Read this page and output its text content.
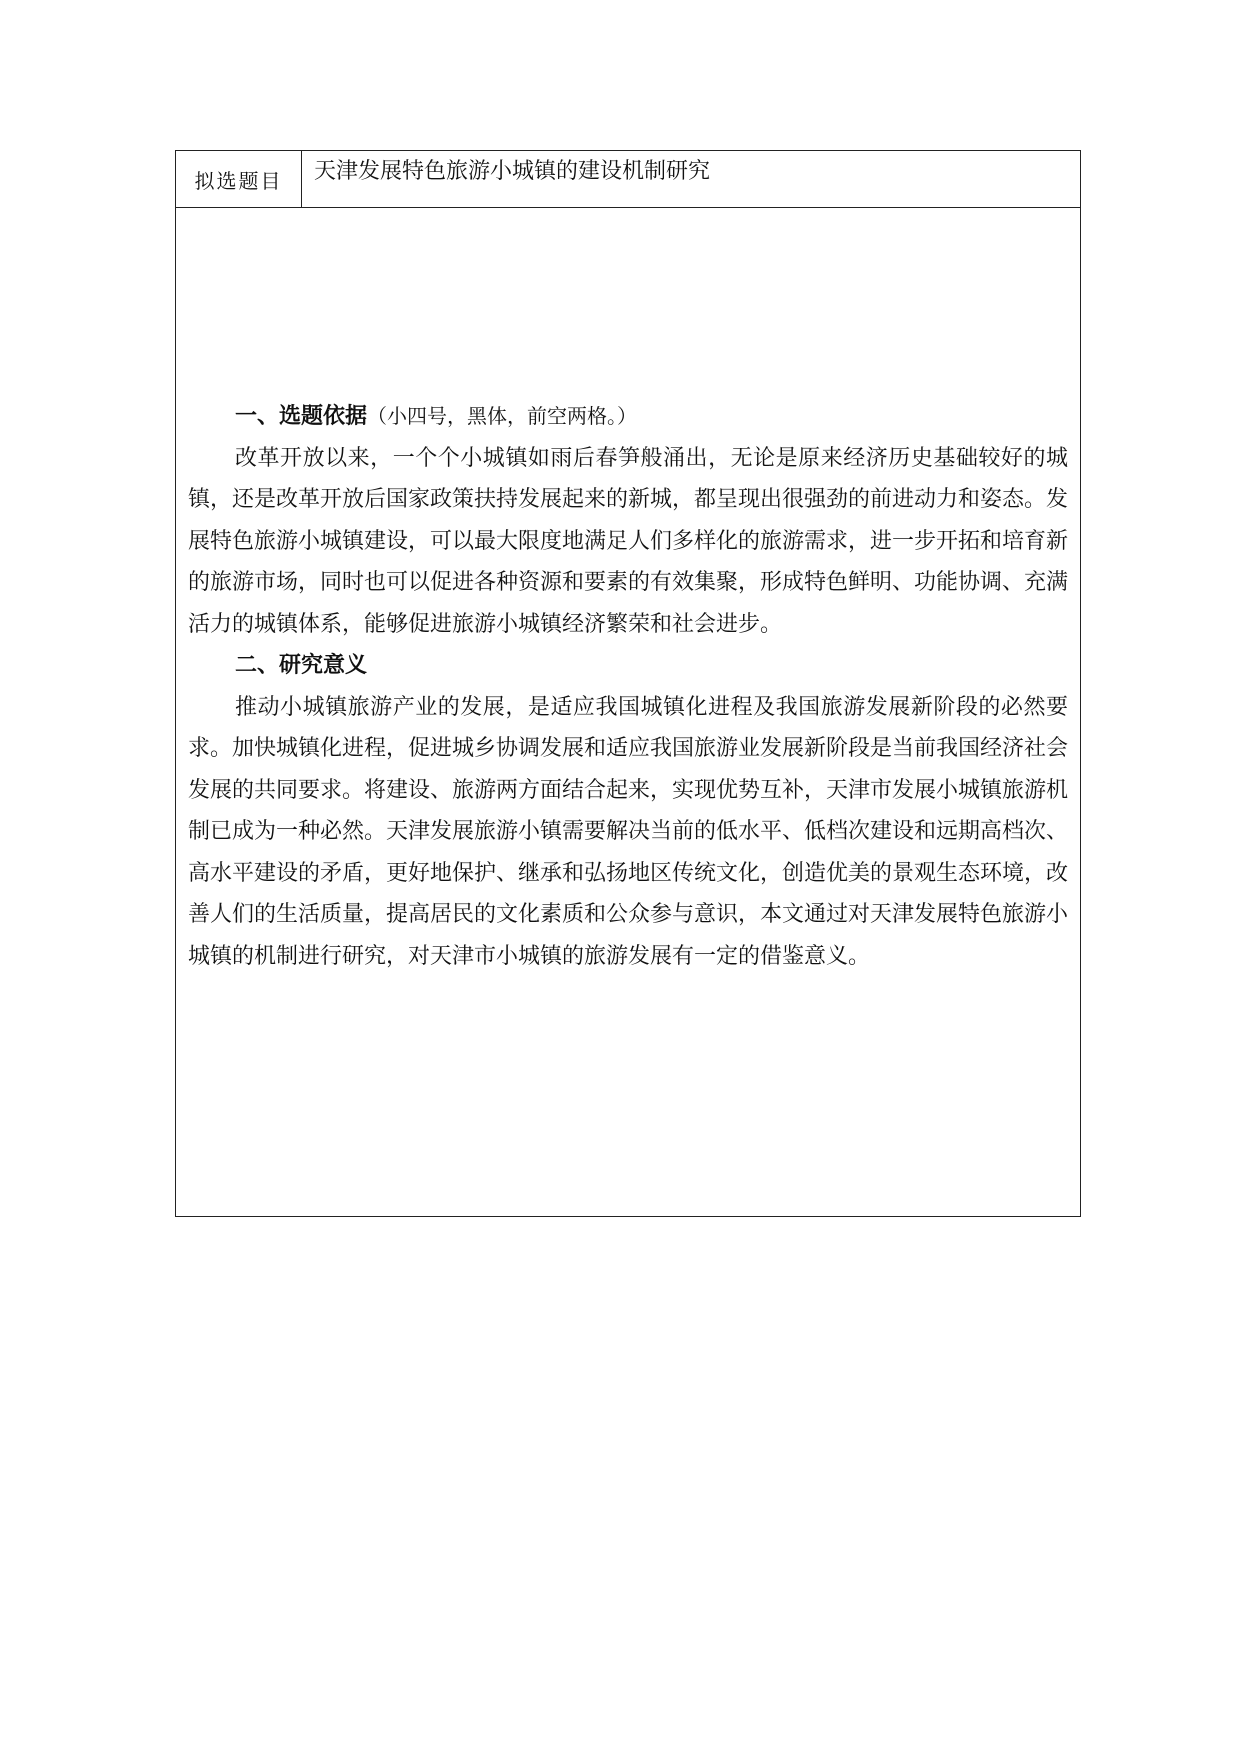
拟选题目	天津发展特色旅游小城镇的建设机制研究

一、选题依据（小四号，黑体，前空两格。）

改革开放以来，一个个小城镇如雨后春笋般涌出，无论是原来经济历史基础较好的城镇，还是改革开放后国家政策扶持发展起来的新城，都呈现出很强劲的前进动力和姿态。发展特色旅游小城镇建设，可以最大限度地满足人们多样化的旅游需求，进一步开拓和培育新的旅游市场，同时也可以促进各种资源和要素的有效集聚，形成特色鲜明、功能协调、充满活力的城镇体系，能够促进旅游小城镇经济繁荣和社会进步。

二、研究意义

推动小城镇旅游产业的发展，是适应我国城镇化进程及我国旅游发展新阶段的必然要求。加快城镇化进程，促进城乡协调发展和适应我国旅游业发展新阶段是当前我国经济社会发展的共同要求。将建设、旅游两方面结合起来，实现优势互补，天津市发展小城镇旅游机制已成为一种必然。天津发展旅游小镇需要解决当前的低水平、低档次建设和远期高档次、高水平建设的矛盾，更好地保护、继承和弘扬地区传统文化，创造优美的景观生态环境，改善人们的生活质量，提高居民的文化素质和公众参与意识，本文通过对天津发展特色旅游小城镇的机制进行研究，对天津市小城镇的旅游发展有一定的借鉴意义。
